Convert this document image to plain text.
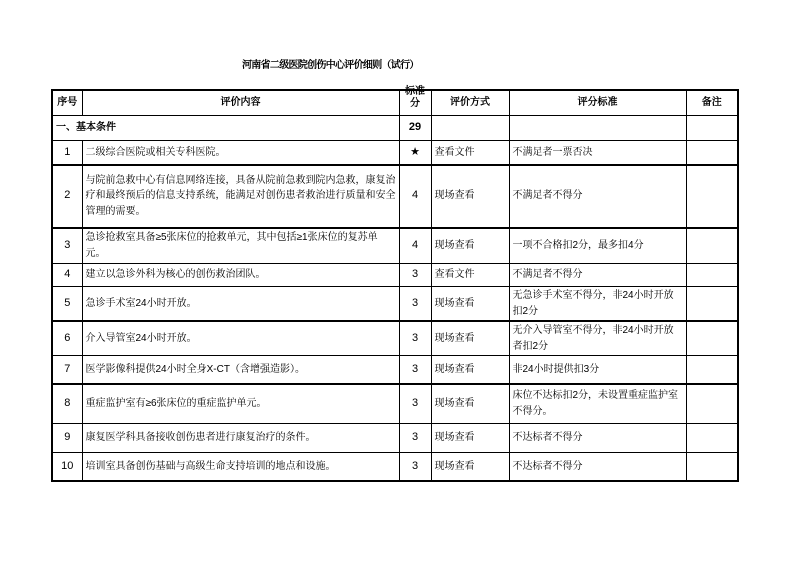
河南省二级医院创伤中心评价细则（试行）
序号	评价内容	标准分	评价方式	评分标准	备注
一、基本条件		29			
1	二级综合医院或相关专科医院。	★	查看文件	不满足者一票否决	
2	与院前急救中心有信息网络连接，具备从院前急救到院内急救，康复治疗和最终预后的信息支持系统，能满足对创伤患者救治进行质量和安全管理的需要。	4	现场查看	不满足者不得分	
3	急诊抢救室具备≥5张床位的抢救单元，其中包括≥1张床位的复苏单元。	4	现场查看	一项不合格扣2分，最多扣4分	
4	建立以急诊外科为核心的创伤救治团队。	3	查看文件	不满足者不得分	
5	急诊手术室24小时开放。	3	现场查看	无急诊手术室不得分，非24小时开放扣2分	
6	介入导管室24小时开放。	3	现场查看	无介入导管室不得分，非24小时开放者扣2分	
7	医学影像科提供24小时全身X-CT（含增强造影）。	3	现场查看	非24小时提供扣3分	
8	重症监护室有≥6张床位的重症监护单元。	3	现场查看	床位不达标扣2分，未设置重症监护室不得分。	
9	康复医学科具备接收创伤患者进行康复治疗的条件。	3	现场查看	不达标者不得分	
10	培训室具备创伤基础与高级生命支持培训的地点和设施。	3	现场查看	不达标者不得分	
